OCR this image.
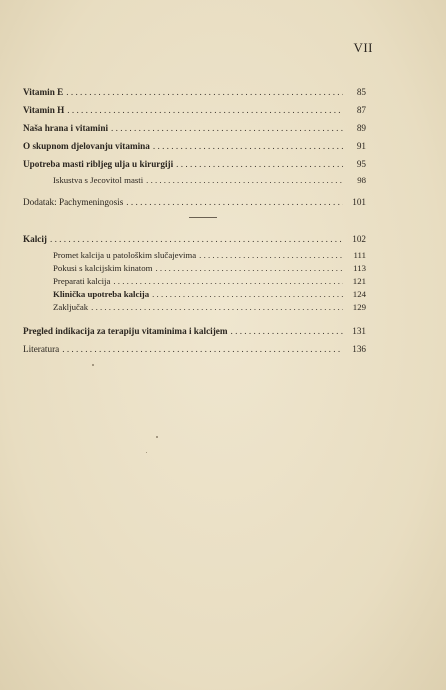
VII
Vitamin E . . .	85
Vitamin H . . .	87
Naša hrana i vitamini . . .	89
O skupnom djelovanju vitamina . . .	91
Upotreba masti ribljeg ulja u kirurgiji . . .	95
Iskustva s Jecovitol masti . . .	98
Dodatak: Pachymeningosis . . .	101
Kalcij . . .	102
Promet kalcija u patološkim slučajevima . . .	111
Pokusi s kalcijskim kinatom . . .	113
Preparati kalcija . . .	121
Klinička upotreba kalcija . . .	124
Zaključak . . .	129
Pregled indikacija za terapiju vitaminima i kalcijem . . .	131
Literatura . . .	136
